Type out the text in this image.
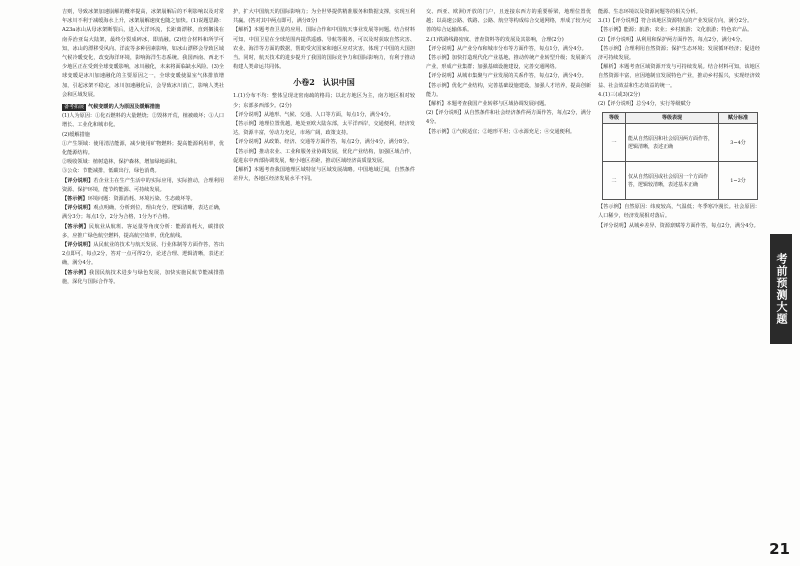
吉则，导致冰架加速崩解的概率提高，冰架崩解后的不利影响以及对常年冰川不利于减缓海水上升，冰架崩解速度也随之加快。(1)说题思路：A23a冰山从母冰架断裂后，进入大洋环流，长距离漂移，直到搁浅在南乔治亚岛大陆架，最终分裂成碎冰，即消融。(2)结合材料和所学可知，冰山的漂移受风向、洋流等多种因素影响，如冰山漂移会导致区域气候冷暖变化，改变海洋环境，影响海洋生态系统。我国西南、西北不少地区正在受到全球变暖影响，冰川融化，未来将面临缺水风险。(3)全球变暖是冰川加速融化的主要原因之一，全球变暖使温室气体排放增加，引起冰架不稳定，冰川加速融化后，会导致冰川消亡，影响人类社会和区域发展。

备考拓展 气候变暖的人为原因及缓解措施

(1)人为原因：①化石燃料的大量燃烧；②毁林开荒，植被破坏；③人口增长、工业化和城市化。

(2)缓解措施

①产生领域：使用清洁能源，减少使用矿物燃料；提高能源利用率，优化能源结构。

②吸收领域：植树造林，保护森林，增加绿地面积。

③公众：节能减排，低碳出行，绿色消费。

【评分说明】若企业主在生产生活中的实际应用，实际推动，合理利用资源、保护环境，能节约能源、可持续发展。

【答示例】环境问题：资源消耗、环境污染、生态破坏等。

【评分说明】观点明确，分析到位，理由充分，逻辑清晰，表达正确，满分3分；每点1分，2分为合格，1分为不合格。

【答示例】民航业从航班、客运量等角度分析：能源消耗大，碳排放多，应推广绿色航空燃料，提高航空效率，优化航线。

【评分说明】从民航业的技术与航天发展、行业体制等方面作答，答出2点即可，每点2分，答对一点可得2分，论述合理、逻辑清晰，表述正确，满分4分。

【答示例】我国民航技术进步与绿色发展，加快实施民航节能减排措施，深化与国际合作等。

护，扩大中国航天的国际影响力；为全世界提供精准服务和数据支撑，实现互利共赢。(答对其中两点即可，满分8分)

【解析】本题考查卫星的应用、国际合作和中国航天事业发展等问题。结合材料可知，中国卫星在全球范围内提供遥感、导航等服务，可以及时获取自然灾害、农业、海洋等方面的数据，帮助受灾国家和地区应对灾害，体现了中国的大国担当。同时，航天技术的进步提升了我国的国际竞争力和国际影响力，有利于推动构建人类命运共同体。

小卷2　认识中国

1.(1)分布不均：整体呈现北密南疏的格局；以北方地区为主，南方地区相对较少；东部多西部少。(2分)

【评分说明】从地形、气候、交通、人口等方面，每点1分，满分4分。

【答示例】地理位置优越，地处亚欧大陆东部，太平洋西岸，交通便利，经济发达，资源丰富，劳动力充足，市场广阔，政策支持。

【评分说明】从政策、经济、交通等方面作答，每点2分，满分4分，满分8分。

【答示例】推动农业、工业和服务业协调发展，优化产业结构，加强区域合作，促进东中西部协调发展，缩小地区差距，推动区域经济高质量发展。

【解析】本题考查我国地理区域特征与区域发展战略。中国地域辽阔，自然条件差异大，各地区经济发展水平不同。

交、西亚、欧洲)开放的门户，且连接东西方的重要桥梁，地理位置优越；以高速公路、铁路、公路、航空等构成综合交通网络，形成了较为完善的综合运输体系。

2.(1)铁路线路密度、普查资料等的发展及其影响，合理(2分)

【评分说明】从产业分布和城市分布等方面作答，每点1分，满分4分。

【答示例】加快打造现代化产业基地，推动传统产业转型升级；发展新兴产业，形成产业集群；加强基础设施建设，完善交通网络。

【评分说明】从城市集聚与产业发展的关系作答，每点2分，满分4分。

【答示例】优化产业结构，完善基础设施建设，加强人才培养，提高创新能力。

【解析】本题考查我国产业转移与区域协调发展问题。

(2)【评分说明】从自然条件和社会经济条件两方面作答，每点2分，满分4分。

【答示例】①气候适宜；②地形平坦；③水源充足；④交通便利。

能源、生态环境以及资源问题等的相关分析。

3.(1)【评分说明】符合该地区资源特点的产业发展方向，满分2分。

【答示例】能源；旅游；农业；乡村旅游；文化旅游；特色农产品。

(2)【评分说明】从利用和保护两方面作答，每点2分，满分4分。

【答示例】合理利用自然资源；保护生态环境；发展循环经济；促进经济可持续发展。

【解析】本题考查区域资源开发与可持续发展。结合材料可知，该地区自然资源丰富，应因地制宜发展特色产业，推动乡村振兴，实现经济效益、社会效益和生态效益的统一。

4.(1)三(或3)(2分)

(2)【评分说明】总分4分，实行等级赋分

等级	等级表现	赋分标准
一	能从自然原因和社会原因两方面作答，逻辑清晰，表述正确	3~4分
二	仅从自然原因或社会原因一个方面作答，逻辑较清晰，表述基本正确	1~2分

【答示例】自然原因：纬度较高，气温低；冬季寒冷漫长。社会原因：人口稀少，经济发展相对落后。

【评分说明】从城乡差异、资源禀赋等方面作答，每点2分，满分4分。

考前预测大题
21
